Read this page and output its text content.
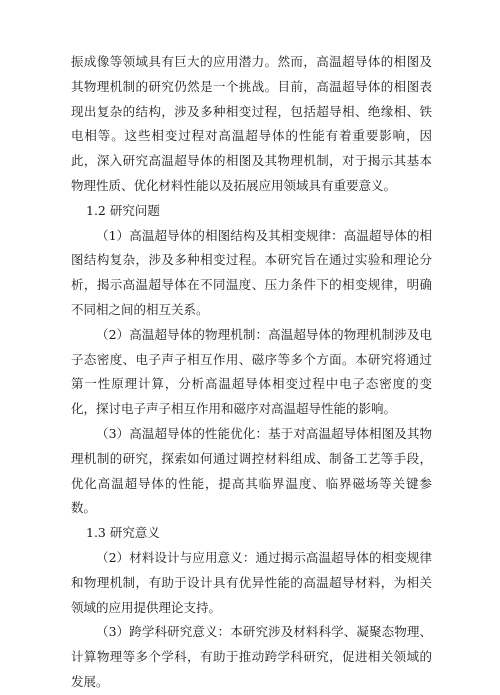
振成像等领域具有巨大的应用潜力。然而，高温超导体的相图及其物理机制的研究仍然是一个挑战。目前，高温超导体的相图表现出复杂的结构，涉及多种相变过程，包括超导相、绝缘相、铁电相等。这些相变过程对高温超导体的性能有着重要影响，因此，深入研究高温超导体的相图及其物理机制，对于揭示其基本物理性质、优化材料性能以及拓展应用领域具有重要意义。

1.2 研究问题

（1）高温超导体的相图结构及其相变规律：高温超导体的相图结构复杂，涉及多种相变过程。本研究旨在通过实验和理论分析，揭示高温超导体在不同温度、压力条件下的相变规律，明确不同相之间的相互关系。

（2）高温超导体的物理机制：高温超导体的物理机制涉及电子态密度、电子声子相互作用、磁序等多个方面。本研究将通过第一性原理计算，分析高温超导体相变过程中电子态密度的变化，探讨电子声子相互作用和磁序对高温超导性能的影响。

（3）高温超导体的性能优化：基于对高温超导体相图及其物理机制的研究，探索如何通过调控材料组成、制备工艺等手段，优化高温超导体的性能，提高其临界温度、临界磁场等关键参数。

1.3 研究意义

（2）材料设计与应用意义：通过揭示高温超导体的相变规律和物理机制，有助于设计具有优异性能的高温超导材料，为相关领域的应用提供理论支持。

（3）跨学科研究意义：本研究涉及材料科学、凝聚态物理、计算物理等多个学科，有助于推动跨学科研究，促进相关领域的发展。
